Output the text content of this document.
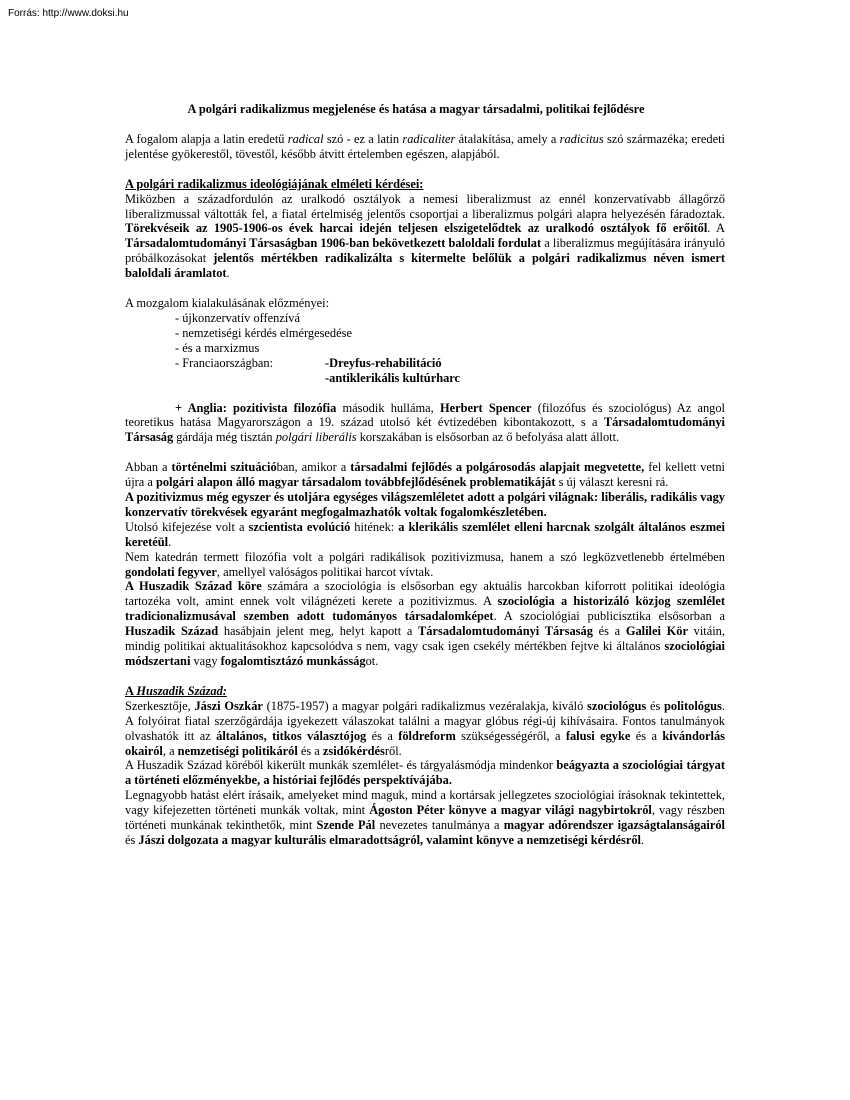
Forrás: http://www.doksi.hu

A polgári radikalizmus megjelenése és hatása a magyar társadalmi, politikai fejlődésre

A fogalom alapja a latin eredetű radical szó - ez a latin radicaliter átalakítása, amely a radicitus szó származéka; eredeti jelentése gyökerestől, tövestől, később átvitt értelemben egészen, alapjából.

A polgári radikalizmus ideológiájának elméleti kérdései:

Miközben a századfordulón az uralkodó osztályok a nemesi liberalizmust az ennél konzervatívabb állagőrző liberalizmussal váltották fel, a fiatal értelmiség jelentős csoportjai a liberalizmus polgári alapra helyezésén fáradoztak. Törekvéseik az 1905-1906-os évek harcai idején teljesen elszigetelődtek az uralkodó osztályok fő erőitől. A Társadalomtudományi Társaságban 1906-ban bekövetkezett baloldali fordulat a liberalizmus megújítására irányuló próbálkozásokat jelentős mértékben radikalizálta s kitermelte belőlük a polgári radikalizmus néven ismert baloldali áramlatot.

A mozgalom kialakulásának előzményei:

- újkonzervatív offenzívá
- nemzetiségi kérdés elmérgesedése
- és a marxizmus
- Franciaországban:	-Dreyfus-rehabilitáció
-antiklerikális kultúrharc

+ Anglia: pozitivista filozófia második hulláma, Herbert Spencer (filozófus és szociológus) Az angol teoretikus hatása Magyarországon a 19. század utolsó két évtizedében kibontakozott, s a Társadalomtudományi Társaság gárdája még tisztán polgári liberális korszakában is elsősorban az ő befolyása alatt állott.

Abban a történelmi szituációban, amikor a társadalmi fejlődés a polgárosodás alapjait megvetette, fel kellett vetni újra a polgári alapon álló magyar társadalom továbbfejlődésének problematikáját s új választ keresni rá.

A pozitivizmus még egyszer és utoljára egységes világszemléletet adott a polgári világnak: liberális, radikális vagy konzervatív törekvések egyaránt megfogalmazhatók voltak fogalomkészletében.

Utolsó kifejezése volt a szcientista evolúció hitének: a klerikális szemlélet elleni harcnak szolgált általános eszmei keretéül.

Nem katedrán termett filozófia volt a polgári radikálisok pozitivizmusa, hanem a szó legközvetlenebb értelmében gondolati fegyver, amellyel valóságos politikai harcot vívtak.

A Huszadik Század köre számára a szociológia is elsősorban egy aktuális harcokban kiforrott politikai ideológia tartozéka volt, amint ennek volt világnézeti kerete a pozitivizmus. A szociológia a historizáló közjog szemlélet tradicionalizmusával szemben adott tudományos társadalomképet. A szociológiai publicisztika elsősorban a Huszadik Század hasábjain jelent meg, helyt kapott a Társadalomtudományi Társaság és a Galilei Kör vitáin, mindig politikai aktualitásokhoz kapcsolódva s nem, vagy csak igen csekély mértékben fejtve ki általános szociológiai módszertani vagy fogalomtisztázó munkásságot.

A Huszadik Század:

Szerkesztője, Jászi Oszkár (1875-1957) a magyar polgári radikalizmus vezéralakja, kiváló szociológus és politológus. A folyóirat fiatal szerzőgárdája igyekezett válaszokat találni a magyar glóbus régi-új kihívásaira. Fontos tanulmányok olvashatók itt az általános, titkos választójog és a földreform szükségességéről, a falusi egyke és a kivándorlás okairól, a nemzetiségi politikáról és a zsidókérdésről.

A Huszadik Század köréből kikerült munkák szemlélet- és tárgyalásmódja mindenkor beágyazta a szociológiai tárgyat a történeti előzményekbe, a históriai fejlődés perspektívájába.

Legnagyobb hatást elért írásaik, amelyeket mind maguk, mind a kortársak jellegzetes szociológiai írásoknak tekintettek, vagy kifejezetten történeti munkák voltak, mint Ágoston Péter könyve a magyar világi nagybirtokról, vagy részben történeti munkának tekinthetők, mint Szende Pál nevezetes tanulmánya a magyar adórendszer igazságtalanságairól és Jászi dolgozata a magyar kulturális elmaradottságról, valamint könyve a nemzetiségi kérdésről.
